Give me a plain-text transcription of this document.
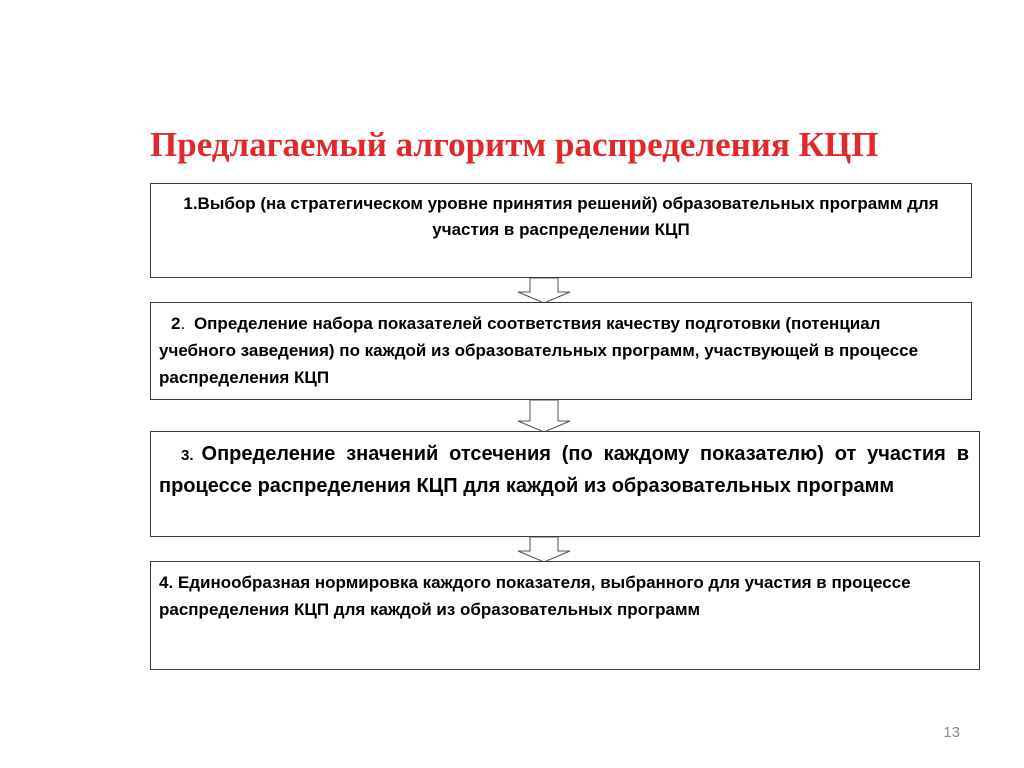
Предлагаемый алгоритм распределения КЦП

1.Выбор (на стратегическом уровне принятия решений) образовательных программ для участия в распределении КЦП

2. Определение набора показателей соответствия качеству подготовки (потенциал учебного заведения) по каждой из образовательных программ, участвующей в процессе распределения КЦП

3. Определение значений отсечения (по каждому показателю) от участия в процессе распределения КЦП для каждой из образовательных программ

4. Единообразная нормировка каждого показателя, выбранного для участия в процессе распределения КЦП для каждой из образовательных программ

13
